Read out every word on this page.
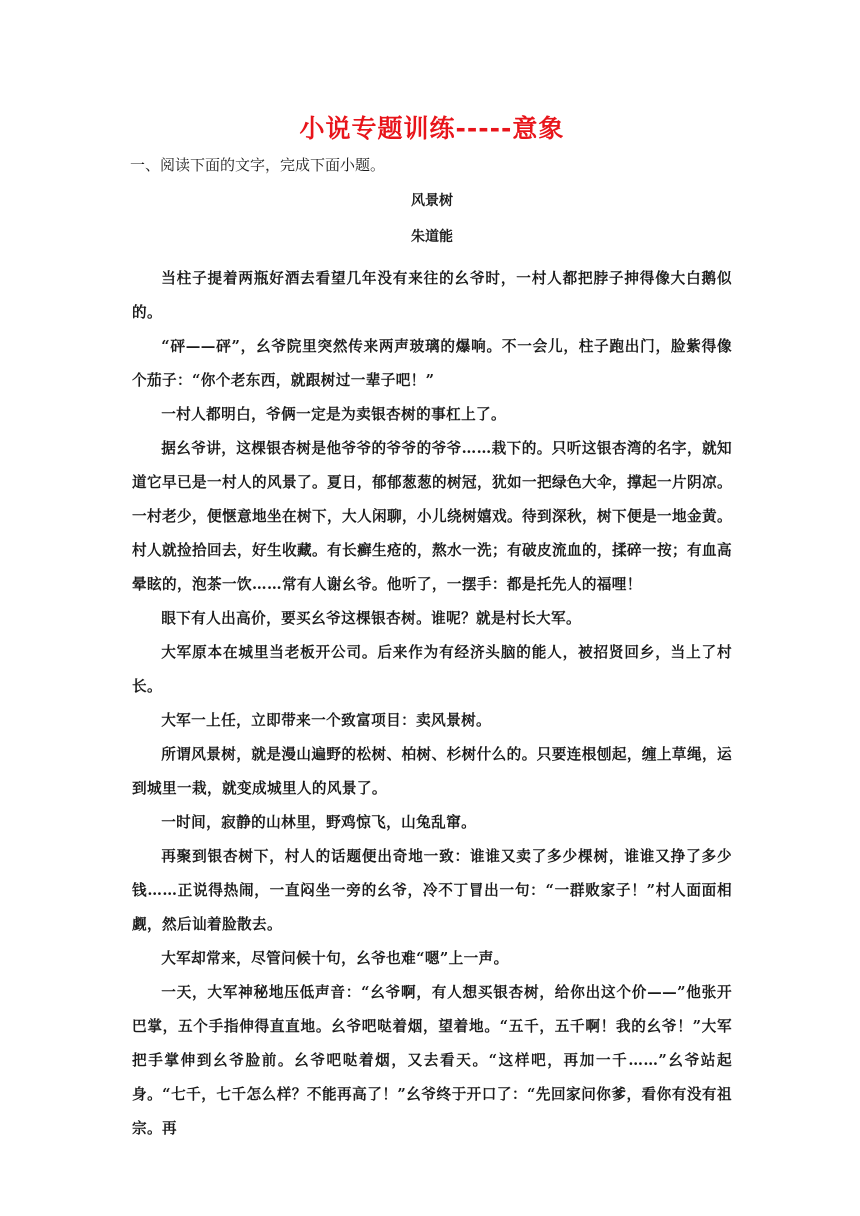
小说专题训练-----意象
一、阅读下面的文字，完成下面小题。
风景树
朱道能

当柱子提着两瓶好酒去看望几年没有来往的幺爷时，一村人都把脖子抻得像大白鹅似的。

“砰——砰”，幺爷院里突然传来两声玻璃的爆响。不一会儿，柱子跑出门，脸紫得像个茄子：“你个老东西，就跟树过一辈子吧！”

一村人都明白，爷俩一定是为卖银杏树的事杠上了。

据幺爷讲，这棵银杏树是他爷爷的爷爷的爷爷……栽下的。只听这银杏湾的名字，就知道它早已是一村人的风景了。夏日，郁郁葱葱的树冠，犹如一把绿色大伞，撑起一片阴凉。一村老少，便惬意地坐在树下，大人闲聊，小儿绕树嬉戏。待到深秋，树下便是一地金黄。村人就捡拾回去，好生收藏。有长癣生疮的，熬水一洗；有破皮流血的，揉碎一按；有血高晕眩的，泡茶一饮……常有人谢幺爷。他听了，一摆手：都是托先人的福哩！

眼下有人出高价，要买幺爷这棵银杏树。谁呢？就是村长大军。

大军原本在城里当老板开公司。后来作为有经济头脑的能人，被招贤回乡，当上了村长。

大军一上任，立即带来一个致富项目：卖风景树。

所谓风景树，就是漫山遍野的松树、柏树、杉树什么的。只要连根刨起，缠上草绳，运到城里一栽，就变成城里人的风景了。

一时间，寂静的山林里，野鸡惊飞，山兔乱窜。

再聚到银杏树下，村人的话题便出奇地一致：谁谁又卖了多少棵树，谁谁又挣了多少钱……正说得热闹，一直闷坐一旁的幺爷，冷不丁冒出一句：“一群败家子！”村人面面相觑，然后讪着脸散去。

大军却常来，尽管问候十句，幺爷也难“嗯”上一声。

一天，大军神秘地压低声音：“幺爷啊，有人想买银杏树，给你出这个价——”他张开巴掌，五个手指伸得直直地。幺爷吧哒着烟，望着地。“五千，五千啊！我的幺爷！”大军把手掌伸到幺爷脸前。幺爷吧哒着烟，又去看天。“这样吧，再加一千……”幺爷站起身。“七千，七千怎么样？不能再高了！”幺爷终于开口了：“先回家问你爹，看你有没有祖宗。再
